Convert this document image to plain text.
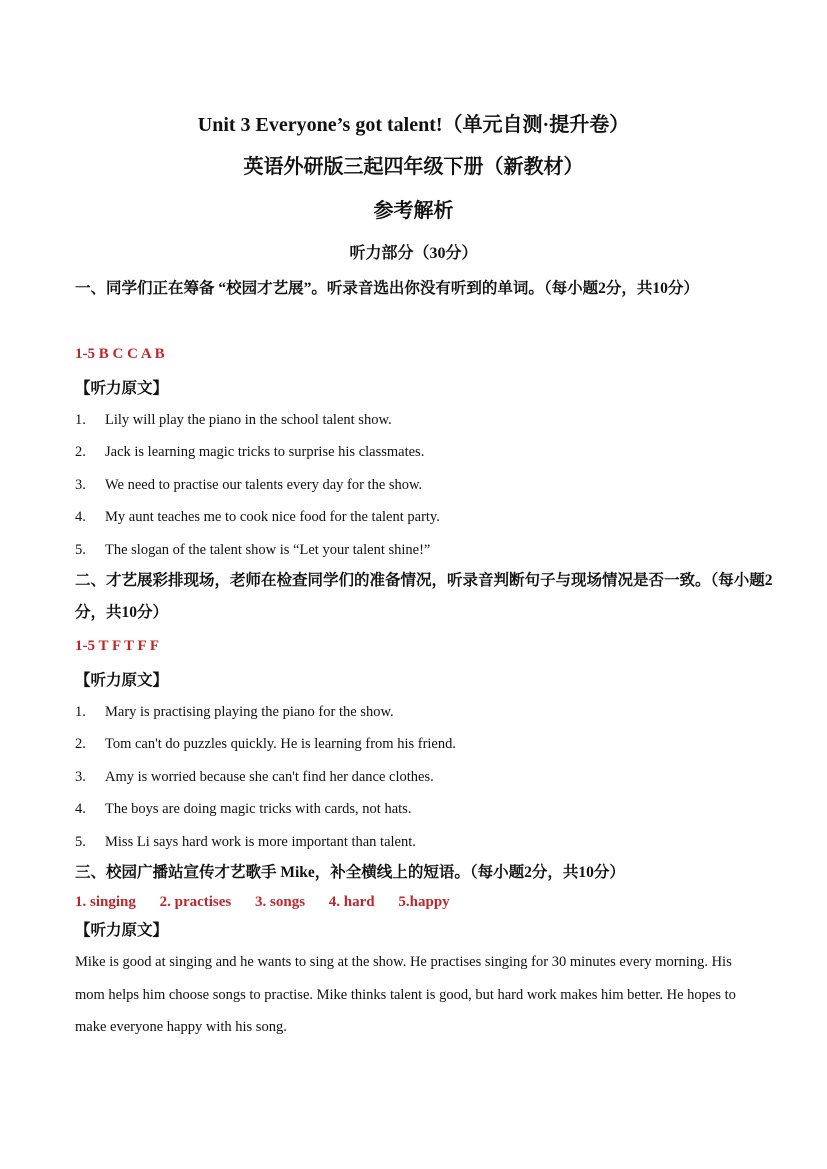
Unit 3 Everyone’s got talent!（单元自测·提升卷）
英语外研版三起四年级下册（新教材）
参考解析
听力部分（30分）
一、同学们正在筹备 “校园才艺展”。听录音选出你没有听到的单词。（每小题2分，共10分）
1-5 B C C A B
【听力原文】
1.	Lily will play the piano in the school talent show.
2.	Jack is learning magic tricks to surprise his classmates.
3.	We need to practise our talents every day for the show.
4.	My aunt teaches me to cook nice food for the talent party.
5.	The slogan of the talent show is “Let your talent shine!”
二、才艺展彩排现场，老师在检查同学们的准备情况，听录音判断句子与现场情况是否一致。（每小题2分，共10分）
1-5 T F T F F
【听力原文】
1.	Mary is practising playing the piano for the show.
2.	Tom can't do puzzles quickly. He is learning from his friend.
3.	Amy is worried because she can't find her dance clothes.
4.	The boys are doing magic tricks with cards, not hats.
5.	Miss Li says hard work is more important than talent.
三、校园广播站宣传才艺歌手 Mike，补全横线上的短语。（每小题2分，共10分）
1. singing 2. practises 3. songs 4. hard 5.happy
【听力原文】
Mike is good at singing and he wants to sing at the show. He practises singing for 30 minutes every morning. His mom helps him choose songs to practise. Mike thinks talent is good, but hard work makes him better. He hopes to make everyone happy with his song.
